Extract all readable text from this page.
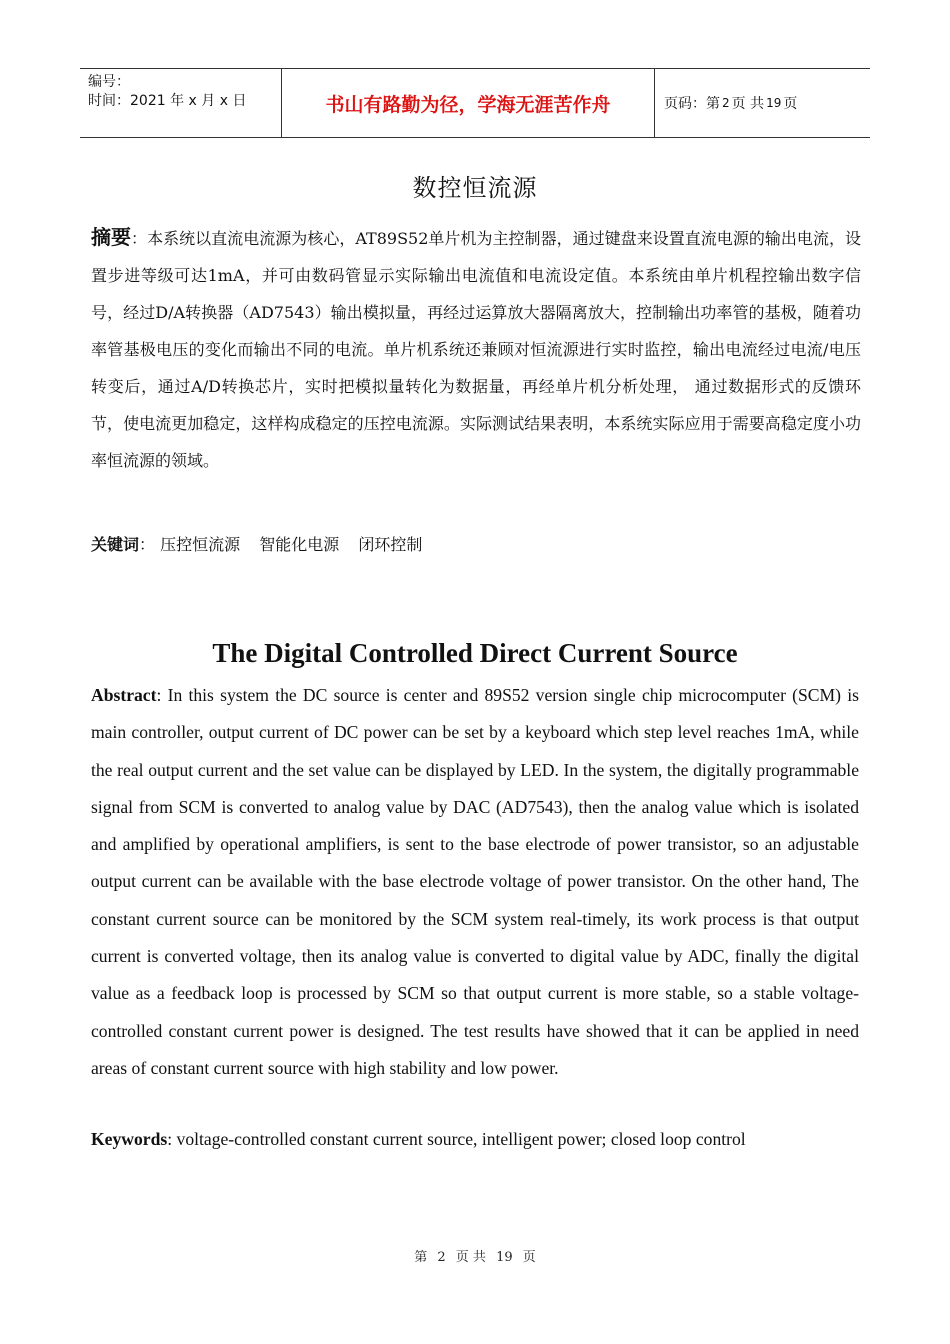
编号：
时间：2021 年 x 月 x 日	书山有路勤为径，学海无涯苦作舟	页码：第 2 页 共 19 页
数控恒流源
摘要：本系统以直流电流源为核心，AT89S52单片机为主控制器，通过键盘来设置直流电源的输出电流，设置步进等级可达1mA，并可由数码管显示实际输出电流值和电流设定值。本系统由单片机程控输出数字信号，经过D/A转换器（AD7543）输出模拟量，再经过运算放大器隔离放大，控制输出功率管的基极，随着功率管基极电压的变化而输出不同的电流。单片机系统还兼顾对恒流源进行实时监控，输出电流经过电流/电压转变后，通过A/D转换芯片，实时把模拟量转化为数据量，再经单片机分析处理， 通过数据形式的反馈环节，使电流更加稳定，这样构成稳定的压控电流源。实际测试结果表明，本系统实际应用于需要高稳定度小功率恒流源的领域。
关键词： 压控恒流源 智能化电源 闭环控制
The Digital Controlled Direct Current Source
Abstract: In this system the DC source is center and 89S52 version single chip microcomputer (SCM) is main controller, output current of DC power can be set by a keyboard which step level reaches 1mA, while the real output current and the set value can be displayed by LED. In the system, the digitally programmable signal from SCM is converted to analog value by DAC (AD7543), then the analog value which is isolated and amplified by operational amplifiers, is sent to the base electrode of power transistor, so an adjustable output current can be available with the base electrode voltage of power transistor. On the other hand, The constant current source can be monitored by the SCM system real-timely, its work process is that output current is converted voltage, then its analog value is converted to digital value by ADC, finally the digital value as a feedback loop is processed by SCM so that output current is more stable, so a stable voltage-controlled constant current power is designed. The test results have showed that it can be applied in need areas of constant current source with high stability and low power.
Keywords: voltage-controlled constant current source, intelligent power; closed loop control
第 2 页 共 19 页
